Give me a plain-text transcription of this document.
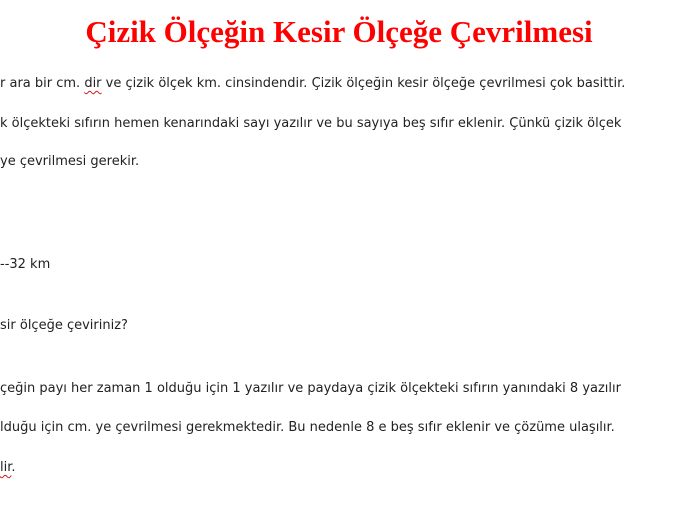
Çizik Ölçeğin Kesir Ölçeğe Çevrilmesi

r ara bir cm. dir ve çizik ölçek km. cinsindendir. Çizik ölçeğin kesir ölçeğe çevrilmesi çok basittir.

k ölçekteki sıfırın hemen kenarındaki sayı yazılır ve bu sayıya beş sıfır eklenir. Çünkü çizik ölçek

ye çevrilmesi gerekir.

--32 km

sir ölçeğe çeviriniz?

çeğin payı her zaman 1 olduğu için 1 yazılır ve paydaya çizik ölçekteki sıfırın yanındaki 8 yazılır

lduğu için cm. ye çevrilmesi gerekmektedir. Bu nedenle 8 e beş sıfır eklenir ve çözüme ulaşılır.

lir.
